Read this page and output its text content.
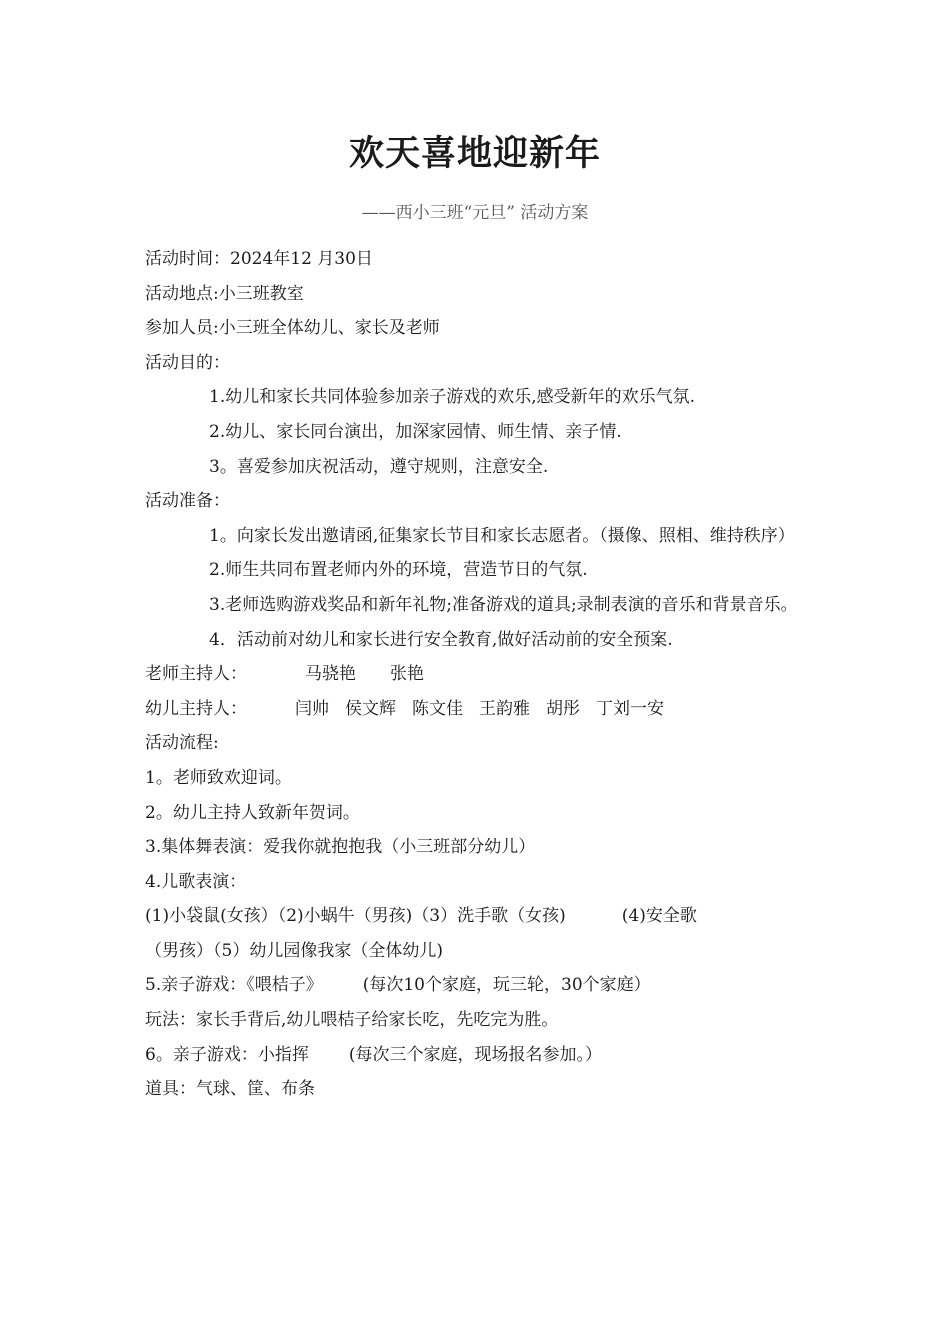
欢天喜地迎新年
——西小三班“元旦” 活动方案
活动时间：2024年12 月30日
活动地点:小三班教室
参加人员:小三班全体幼儿、家长及老师
活动目的：
1.幼儿和家长共同体验参加亲子游戏的欢乐,感受新年的欢乐气氛.
2.幼儿、家长同台演出，加深家园情、师生情、亲子情.
3。喜爱参加庆祝活动，遵守规则，注意安全.
活动准备：
1。向家长发出邀请函,征集家长节目和家长志愿者。（摄像、照相、维持秩序）
2.师生共同布置老师内外的环境，营造节日的气氛.
3.老师选购游戏奖品和新年礼物;准备游戏的道具;录制表演的音乐和背景音乐。
4．活动前对幼儿和家长进行安全教育,做好活动前的安全预案.
老师主持人：	马骁艳 张艳
幼儿主持人：	闫帅 侯文辉 陈文佳 王韵雅 胡彤 丁刘一安
活动流程:
1。老师致欢迎词。
2。幼儿主持人致新年贺词。
3.集体舞表演：爱我你就抱抱我（小三班部分幼儿）
4.儿歌表演：
(1)小袋鼠(女孩）（2)小蜗牛（男孩)（3）洗手歌（女孩)	(4)安全歌
（男孩）（5）幼儿园像我家（全体幼儿)
5.亲子游戏：《喂桔子》 (每次10个家庭，玩三轮，30个家庭）
玩法：家长手背后,幼儿喂桔子给家长吃，先吃完为胜。
6。亲子游戏：小指挥 (每次三个家庭，现场报名参加。）
道具：气球、筐、布条
